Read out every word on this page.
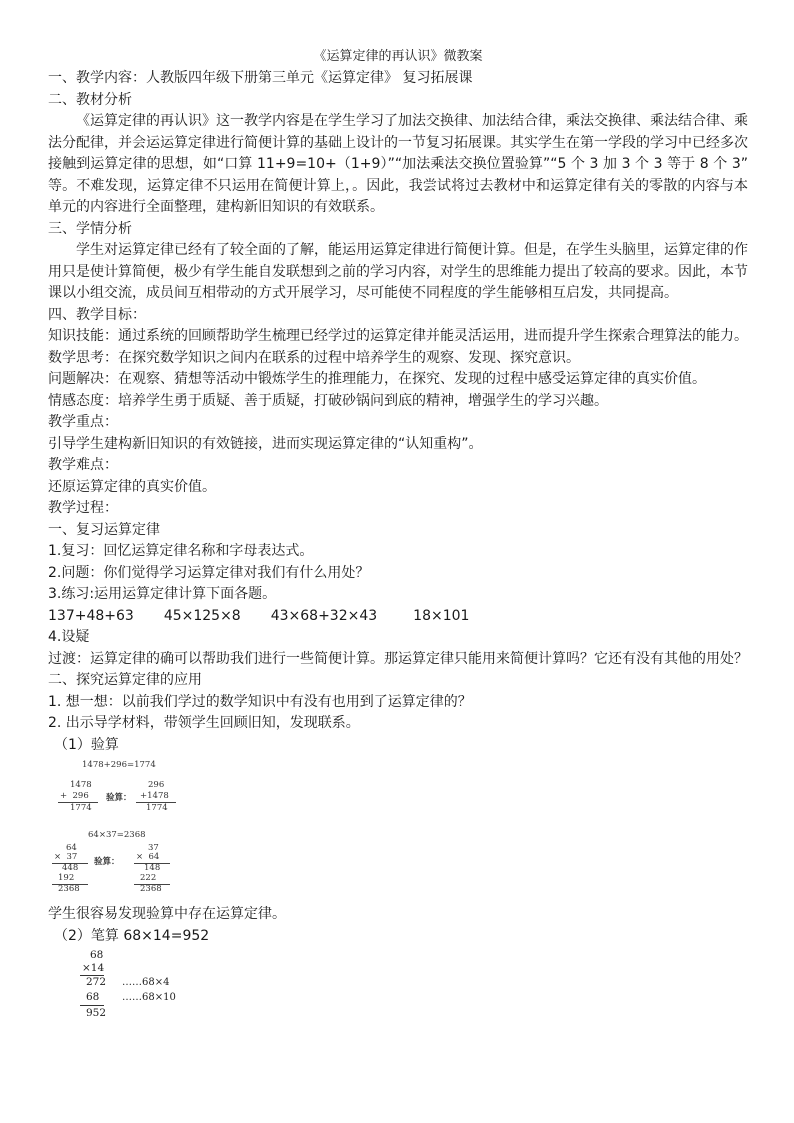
《运算定律的再认识》微教案

一、教学内容：人教版四年级下册第三单元《运算定律》 复习拓展课

二、教材分析

《运算定律的再认识》这一教学内容是在学生学习了加法交换律、加法结合律，乘法交换律、乘法结合律、乘法分配律，并会运运算定律进行简便计算的基础上设计的一节复习拓展课。其实学生在第一学段的学习中已经多次接触到运算定律的思想，如“口算 11+9=10+（1+9）”“加法乘法交换位置验算”“5 个 3 加 3 个 3 等于 8 个 3” 等。不难发现，运算定律不只运用在简便计算上，。因此，我尝试将过去教材中和运算定律有关的零散的内容与本单元的内容进行全面整理，建构新旧知识的有效联系。

三、学情分析

学生对运算定律已经有了较全面的了解，能运用运算定律进行简便计算。但是，在学生头脑里，运算定律的作用只是使计算简便，极少有学生能自发联想到之前的学习内容，对学生的思维能力提出了较高的要求。因此，本节课以小组交流，成员间互相带动的方式开展学习，尽可能使不同程度的学生能够相互启发，共同提高。

四、教学目标：

知识技能：通过系统的回顾帮助学生梳理已经学过的运算定律并能灵活运用，进而提升学生探索合理算法的能力。

数学思考：在探究数学知识之间内在联系的过程中培养学生的观察、发现、探究意识。

问题解决：在观察、猜想等活动中锻炼学生的推理能力，在探究、发现的过程中感受运算定律的真实价值。

情感态度：培养学生勇于质疑、善于质疑，打破砂锅问到底的精神，增强学生的学习兴趣。

教学重点：

引导学生建构新旧知识的有效链接，进而实现运算定律的“认知重构”。

教学难点：

还原运算定律的真实价值。

教学过程：

一、复习运算定律

1.复习：回忆运算定律名称和字母表达式。

2.问题：你们觉得学习运算定律对我们有什么用处？

3.练习:运用运算定律计算下面各题。

137+48+63 45×125×8 43×68+32×43	18×101

4.设疑

过渡：运算定律的确可以帮助我们进行一些简便计算。那运算定律只能用来简便计算吗？它还有没有其他的用处？

二、探究运算定律的应用

1. 想一想：以前我们学过的数学知识中有没有也用到了运算定律的？

2. 出示导学材料，带领学生回顾旧知，发现联系。

（1）验算

1478+296=1774
1478
+  296
1774
验算：
296
+1478
1774
64×37=2368
64
×  37
448
192
2368
验算：
37
×  64
148
222
2368

学生很容易发现验算中存在运算定律。

（2）笔算 68×14=952

68
×14
272 ……68×4
68 ……68×10
952
